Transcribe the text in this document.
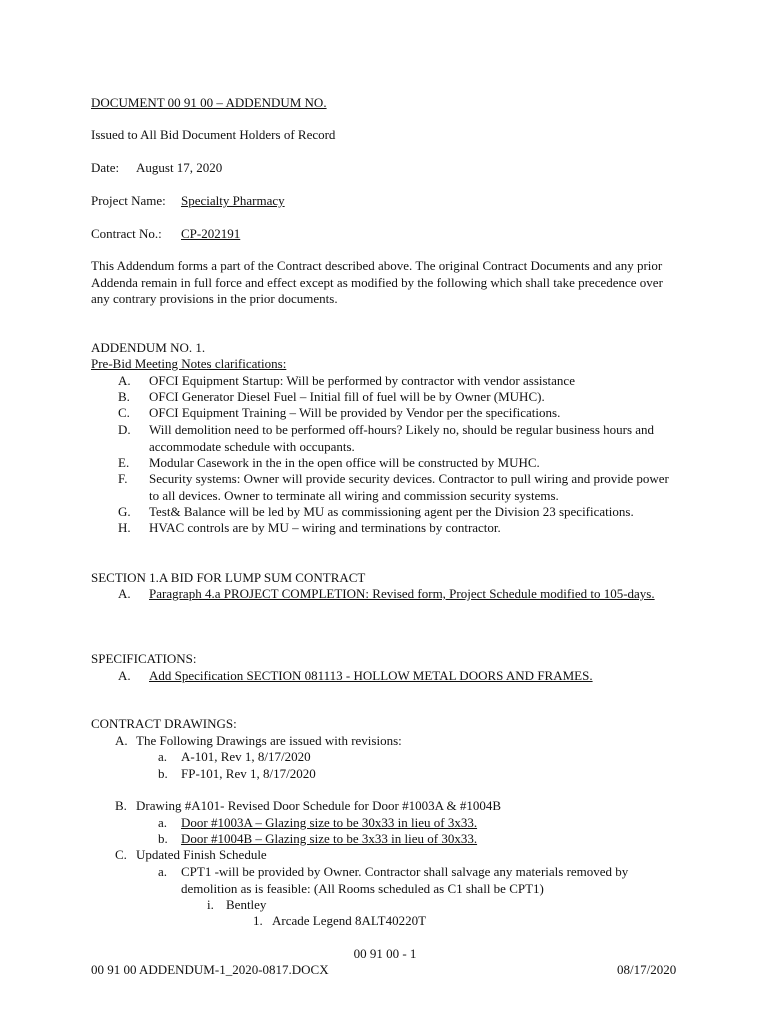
DOCUMENT 00 91 00 – ADDENDUM NO.
Issued to All Bid Document Holders of Record
Date: August 17, 2020
Project Name: Specialty Pharmacy
Contract No.: CP-202191
This Addendum forms a part of the Contract described above. The original Contract Documents and any prior Addenda remain in full force and effect except as modified by the following which shall take precedence over any contrary provisions in the prior documents.
ADDENDUM NO. 1.
Pre-Bid Meeting Notes clarifications:
A. OFCI Equipment Startup: Will be performed by contractor with vendor assistance
B. OFCI Generator Diesel Fuel – Initial fill of fuel will be by Owner (MUHC).
C. OFCI Equipment Training – Will be provided by Vendor per the specifications.
D. Will demolition need to be performed off-hours? Likely no, should be regular business hours and accommodate schedule with occupants.
E. Modular Casework in the in the open office will be constructed by MUHC.
F. Security systems: Owner will provide security devices. Contractor to pull wiring and provide power to all devices. Owner to terminate all wiring and commission security systems.
G. Test& Balance will be led by MU as commissioning agent per the Division 23 specifications.
H. HVAC controls are by MU – wiring and terminations by contractor.
SECTION 1.A BID FOR LUMP SUM CONTRACT
A. Paragraph 4.a PROJECT COMPLETION: Revised form, Project Schedule modified to 105-days.
SPECIFICATIONS:
A. Add Specification SECTION 081113 - HOLLOW METAL DOORS AND FRAMES.
CONTRACT DRAWINGS:
A. The Following Drawings are issued with revisions:
a. A-101, Rev 1, 8/17/2020
b. FP-101, Rev 1, 8/17/2020
B. Drawing #A101- Revised Door Schedule for Door #1003A & #1004B
a. Door #1003A – Glazing size to be 30x33 in lieu of 3x33.
b. Door #1004B – Glazing size to be 3x33 in lieu of 30x33.
C. Updated Finish Schedule
a. CPT1 -will be provided by Owner. Contractor shall salvage any materials removed by demolition as is feasible: (All Rooms scheduled as C1 shall be CPT1)
i. Bentley
1. Arcade Legend 8ALT40220T
00 91 00 - 1
00 91 00 ADDENDUM-1_2020-0817.DOCX	08/17/2020
